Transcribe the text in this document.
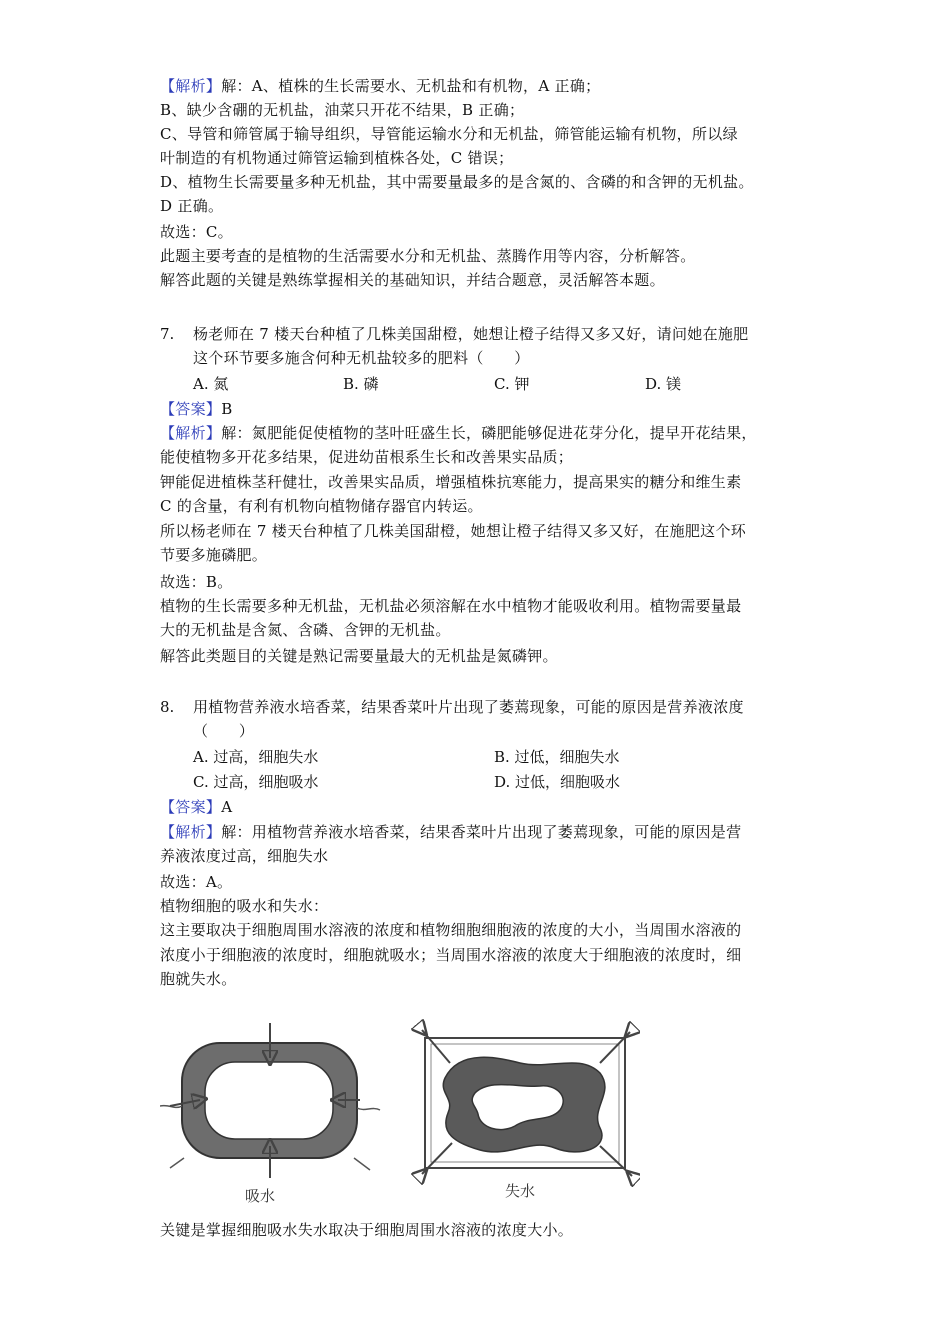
【解析】解：A、植株的生长需要水、无机盐和有机物，A 正确；
B、缺少含硼的无机盐，油菜只开花不结果，B 正确；
C、导管和筛管属于输导组织，导管能运输水分和无机盐，筛管能运输有机物，所以绿
叶制造的有机物通过筛管运输到植株各处，C 错误；
D、植物生长需要量多种无机盐，其中需要量最多的是含氮的、含磷的和含钾的无机盐。
D 正确。
故选：C。
此题主要考查的是植物的生活需要水分和无机盐、蒸腾作用等内容，分析解答。
解答此题的关键是熟练掌握相关的基础知识，并结合题意，灵活解答本题。
7. 杨老师在 7 楼天台种植了几株美国甜橙，她想让橙子结得又多又好，请问她在施肥
这个环节要多施含何种无机盐较多的肥料（　　）
A. 氮	B. 磷	C. 钾	D. 镁
【答案】B
【解析】解：氮肥能促使植物的茎叶旺盛生长，磷肥能够促进花芽分化，提早开花结果，
能使植物多开花多结果，促进幼苗根系生长和改善果实品质；
钾能促进植株茎秆健壮，改善果实品质，增强植株抗寒能力，提高果实的糖分和维生素
C 的含量，有利有机物向植物储存器官内转运。
所以杨老师在 7 楼天台种植了几株美国甜橙，她想让橙子结得又多又好，在施肥这个环
节要多施磷肥。
故选：B。
植物的生长需要多种无机盐，无机盐必须溶解在水中植物才能吸收利用。植物需要量最
大的无机盐是含氮、含磷、含钾的无机盐。
解答此类题目的关键是熟记需要量最大的无机盐是氮磷钾。
8. 用植物营养液水培香菜，结果香菜叶片出现了萎蔫现象，可能的原因是营养液浓度
（　　）
A. 过高，细胞失水	B. 过低，细胞失水
C. 过高，细胞吸水	D. 过低，细胞吸水
【答案】A
【解析】解：用植物营养液水培香菜，结果香菜叶片出现了萎蔫现象，可能的原因是营
养液浓度过高，细胞失水
故选：A。
植物细胞的吸水和失水：
这主要取决于细胞周围水溶液的浓度和植物细胞细胞液的浓度的大小，当周围水溶液的
浓度小于细胞液的浓度时，细胞就吸水；当周围水溶液的浓度大于细胞液的浓度时，细
胞就失水。
吸水	失水
关键是掌握细胞吸水失水取决于细胞周围水溶液的浓度大小。
